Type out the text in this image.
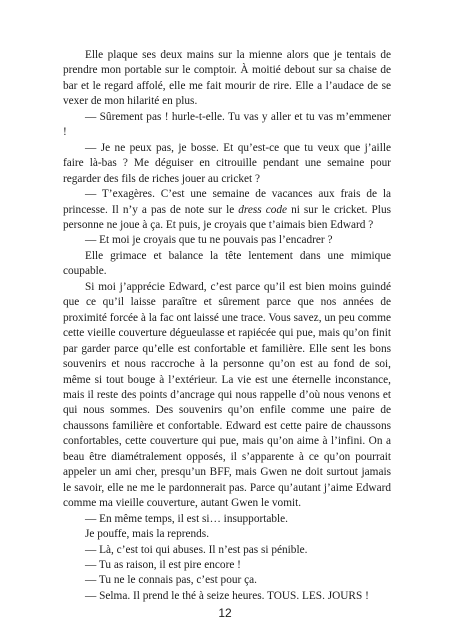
Elle plaque ses deux mains sur la mienne alors que je tentais de prendre mon portable sur le comptoir. À moitié debout sur sa chaise de bar et le regard affolé, elle me fait mourir de rire. Elle a l’audace de se vexer de mon hilarité en plus.

— Sûrement pas ! hurle-t-elle. Tu vas y aller et tu vas m’emmener !

— Je ne peux pas, je bosse. Et qu’est-ce que tu veux que j’aille faire là-bas ? Me déguiser en citrouille pendant une semaine pour regarder des fils de riches jouer au cricket ?

— T’exagères. C’est une semaine de vacances aux frais de la princesse. Il n’y a pas de note sur le dress code ni sur le cricket. Plus personne ne joue à ça. Et puis, je croyais que t’aimais bien Edward ?

— Et moi je croyais que tu ne pouvais pas l’encadrer ?

Elle grimace et balance la tête lentement dans une mimique coupable.

Si moi j’apprécie Edward, c’est parce qu’il est bien moins guindé que ce qu’il laisse paraître et sûrement parce que nos années de proximité forcée à la fac ont laissé une trace. Vous savez, un peu comme cette vieille couverture dégueulasse et rapiécée qui pue, mais qu’on finit par garder parce qu’elle est confortable et familière. Elle sent les bons souvenirs et nous raccroche à la personne qu’on est au fond de soi, même si tout bouge à l’extérieur. La vie est une éternelle inconstance, mais il reste des points d’ancrage qui nous rappelle d’où nous venons et qui nous sommes. Des souvenirs qu’on enfile comme une paire de chaussons familière et confortable. Edward est cette paire de chaussons confortables, cette couverture qui pue, mais qu’on aime à l’infini. On a beau être diamétralement opposés, il s’apparente à ce qu’on pourrait appeler un ami cher, presqu’un BFF, mais Gwen ne doit surtout jamais le savoir, elle ne me le pardonnerait pas. Parce qu’autant j’aime Edward comme ma vieille couverture, autant Gwen le vomit.

— En même temps, il est si… insupportable.

Je pouffe, mais la reprends.

— Là, c’est toi qui abuses. Il n’est pas si pénible.

— Tu as raison, il est pire encore !

— Tu ne le connais pas, c’est pour ça.

— Selma. Il prend le thé à seize heures. TOUS. LES. JOURS !

12
